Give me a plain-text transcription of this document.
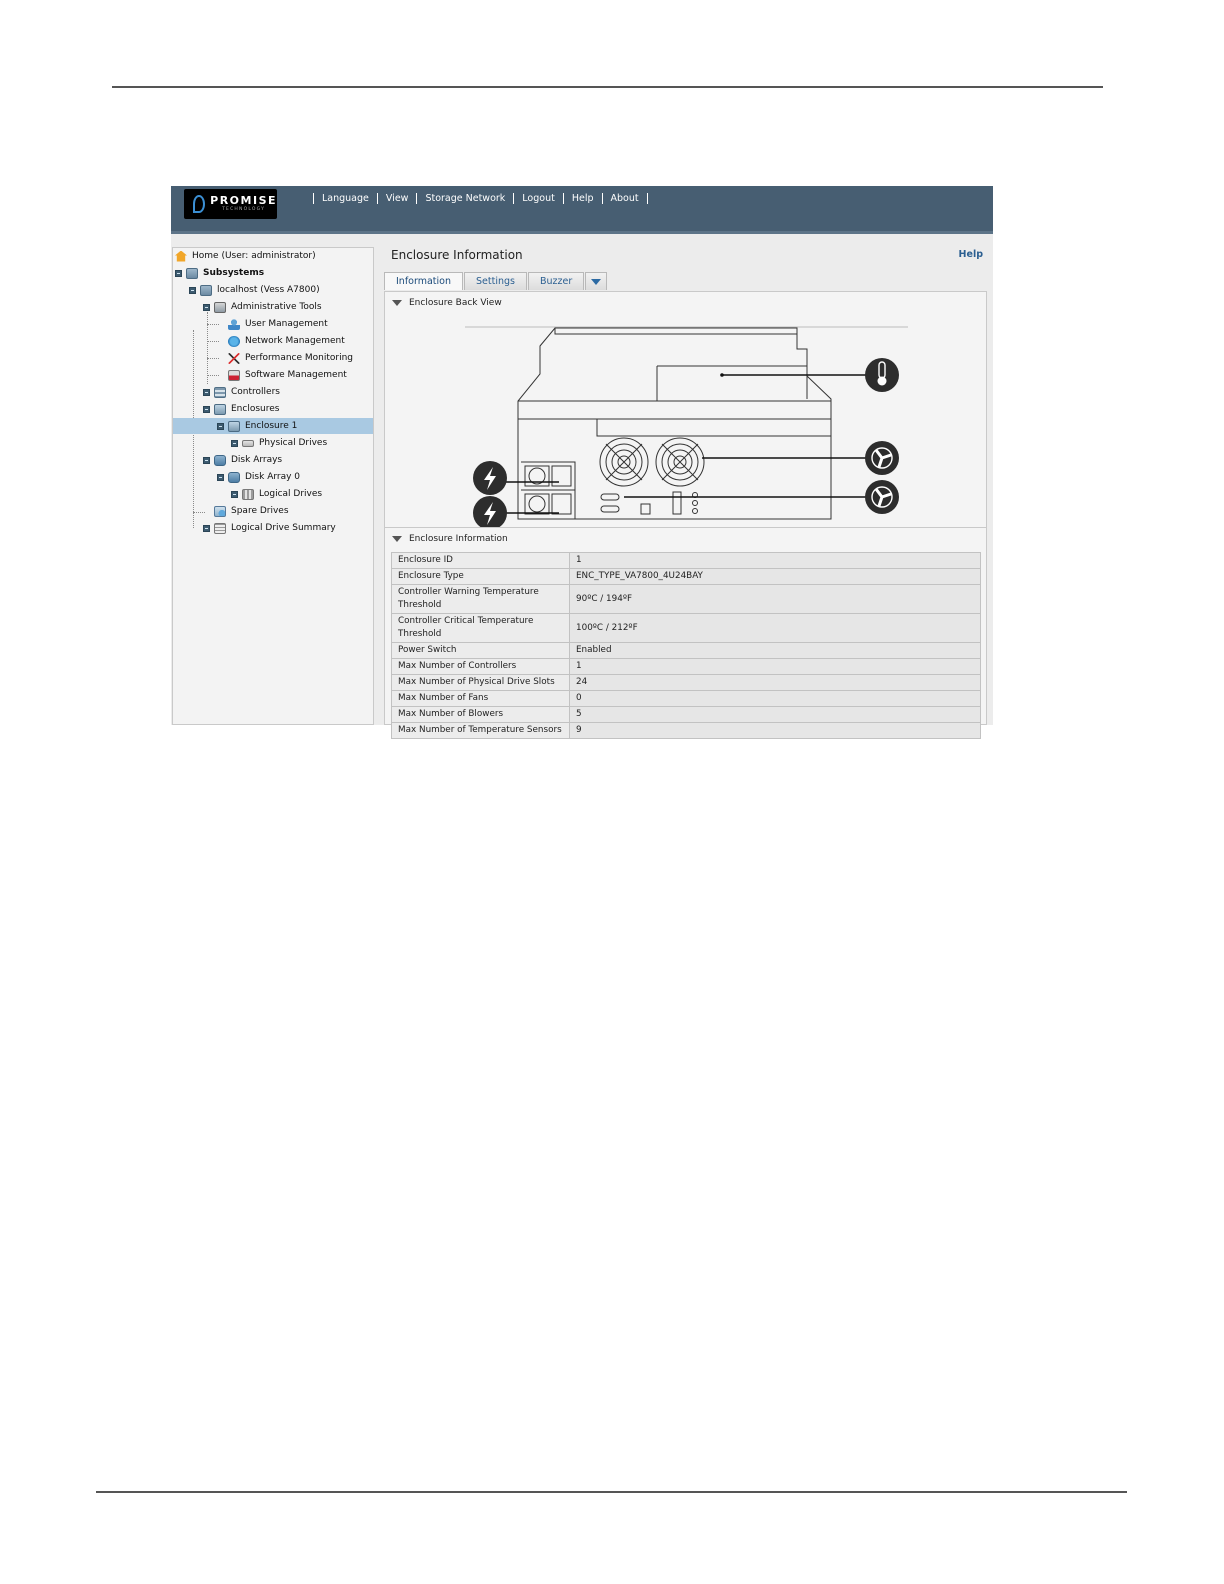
PROMISE
TECHNOLOGY
Language View Storage Network Logout Help About
Home (User: administrator)
Subsystems
localhost (Vess A7800)
Administrative Tools
User Management
Network Management
Performance Monitoring
Software Management
Controllers
Enclosures
Enclosure 1
Physical Drives
Disk Arrays
Disk Array 0
Logical Drives
Spare Drives
Logical Drive Summary
Enclosure Information	Help
Information	Settings	Buzzer
Enclosure Back View
Enclosure Information
Enclosure ID	1
Enclosure Type	ENC_TYPE_VA7800_4U24BAY
Controller Warning Temperature Threshold	90ºC / 194ºF
Controller Critical Temperature Threshold	100ºC / 212ºF
Power Switch	Enabled
Max Number of Controllers	1
Max Number of Physical Drive Slots	24
Max Number of Fans	0
Max Number of Blowers	5
Max Number of Temperature Sensors	9
